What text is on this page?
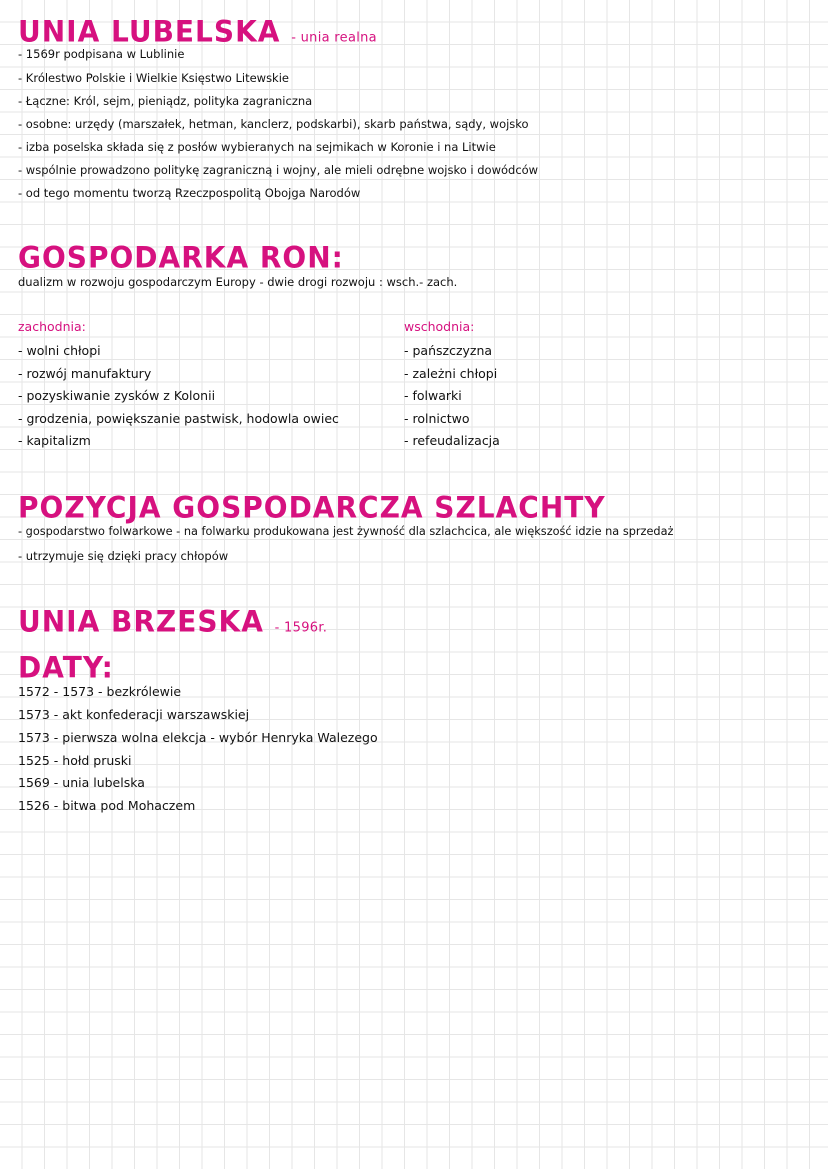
UNIA LUBELSKA - unia realna
- 1569r podpisana w Lublinie
- Królestwo Polskie i Wielkie Księstwo Litewskie
- Łączne: Król, sejm, pieniądz, polityka zagraniczna
- osobne: urzędy (marszałek, hetman, kanclerz, podskarbi), skarb państwa, sądy, wojsko
- izba poselska składa się z posłów wybieranych na sejmikach w Koronie i na Litwie
- wspólnie prowadzono politykę zagraniczną i wojny, ale mieli odrębne wojsko i dowódców
- od tego momentu tworzą Rzeczpospolitą Obojga Narodów
GOSPODARKA RON:
dualizm w rozwoju gospodarczym Europy - dwie drogi rozwoju : wsch.- zach.
zachodnia:
- wolni chłopi
- rozwój manufaktury
- pozyskiwanie zysków z Kolonii
- grodzenia, powiększanie pastwisk, hodowla owiec
- kapitalizm
wschodnia:
- pańszczyzna
- zależni chłopi
- folwarki
- rolnictwo
- refeudalizacja
POZYCJA GOSPODARCZA SZLACHTY
- gospodarstwo folwarkowe - na folwarku produkowana jest żywność dla szlachcica, ale większość idzie na sprzedaż
- utrzymuje się dzięki pracy chłopów
UNIA BRZESKA - 1596r.
DATY:
1572 - 1573 - bezkrólewie
1573 - akt konfederacji warszawskiej
1573 - pierwsza wolna elekcja - wybór Henryka Walezego
1525 - hołd pruski
1569 - unia lubelska
1526 - bitwa pod Mohaczem
